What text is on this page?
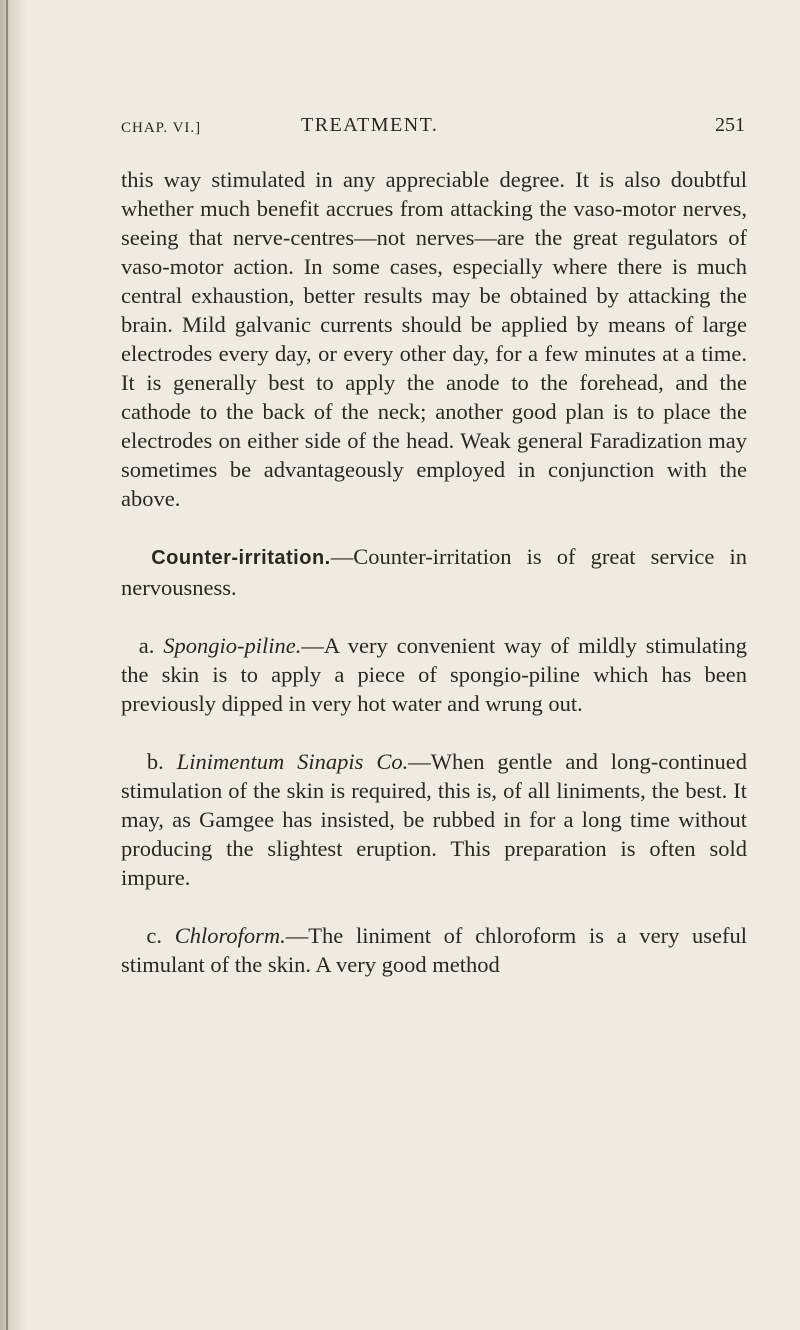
CHAP. VI.]	TREATMENT.	251

this way stimulated in any appreciable degree. It is also doubtful whether much benefit accrues from attacking the vaso-motor nerves, seeing that nerve-centres—not nerves—are the great regulators of vaso-motor action. In some cases, especially where there is much central exhaustion, better results may be obtained by attacking the brain. Mild galvanic currents should be applied by means of large electrodes every day, or every other day, for a few minutes at a time. It is generally best to apply the anode to the forehead, and the cathode to the back of the neck; another good plan is to place the electrodes on either side of the head. Weak general Faradization may sometimes be advantageously employed in conjunction with the above.

Counter-irritation.—Counter-irritation is of great service in nervousness.

a. Spongio-piline.—A very convenient way of mildly stimulating the skin is to apply a piece of spongio-piline which has been previously dipped in very hot water and wrung out.

b. Linimentum Sinapis Co.—When gentle and long-continued stimulation of the skin is required, this is, of all liniments, the best. It may, as Gamgee has insisted, be rubbed in for a long time without producing the slightest eruption. This preparation is often sold impure.

c. Chloroform.—The liniment of chloroform is a very useful stimulant of the skin. A very good method
